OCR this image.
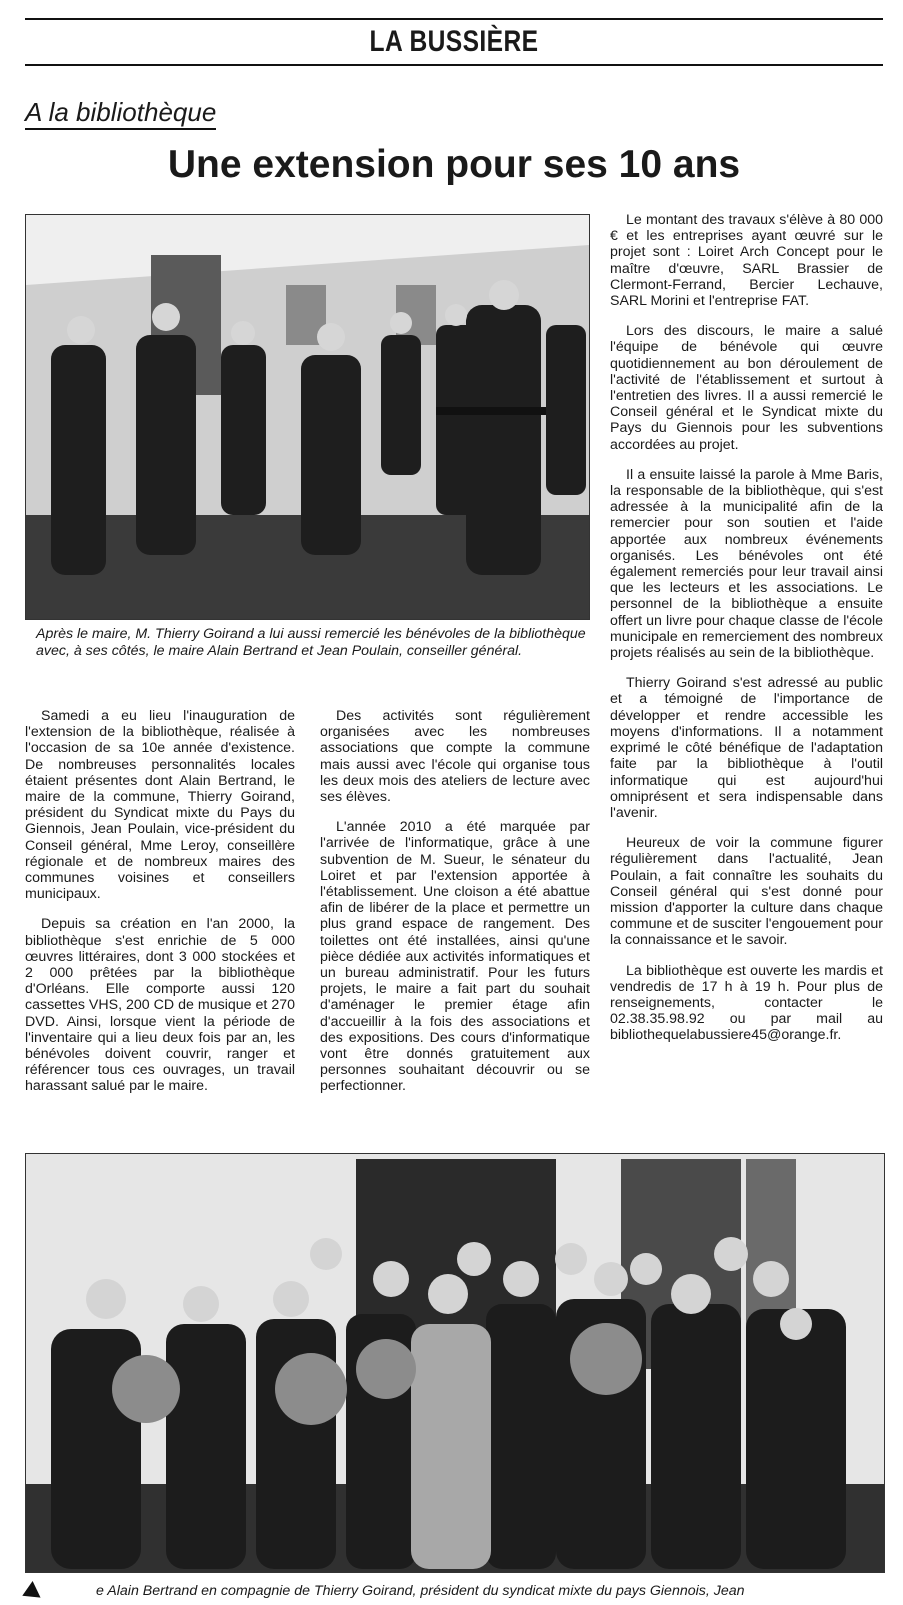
LA BUSSIÈRE
A la bibliothèque
Une extension pour ses 10 ans
Après le maire, M. Thierry Goirand a lui aussi remercié les bénévoles de la bibliothèque avec, à ses côtés, le maire Alain Bertrand et Jean Poulain, conseiller général.

Samedi a eu lieu l'inauguration de l'extension de la bibliothèque, réalisée à l'occasion de sa 10e année d'existence. De nombreuses personnalités locales étaient présentes dont Alain Bertrand, le maire de la commune, Thierry Goirand, président du Syndicat mixte du Pays du Giennois, Jean Poulain, vice-président du Conseil général, Mme Leroy, conseillère régionale et de nombreux maires des communes voisines et conseillers municipaux.

Depuis sa création en l'an 2000, la bibliothèque s'est enrichie de 5 000 œuvres littéraires, dont 3 000 stockées et 2 000 prêtées par la bibliothèque d'Orléans. Elle comporte aussi 120 cassettes VHS, 200 CD de musique et 270 DVD. Ainsi, lorsque vient la période de l'inventaire qui a lieu deux fois par an, les bénévoles doivent couvrir, ranger et référencer tous ces ouvrages, un travail harassant salué par le maire.

Des activités sont régulièrement organisées avec les nombreuses associations que compte la commune mais aussi avec l'école qui organise tous les deux mois des ateliers de lecture avec ses élèves.

L'année 2010 a été marquée par l'arrivée de l'informatique, grâce à une subvention de M. Sueur, le sénateur du Loiret et par l'extension apportée à l'établissement. Une cloison a été abattue afin de libérer de la place et permettre un plus grand espace de rangement. Des toilettes ont été installées, ainsi qu'une pièce dédiée aux activités informatiques et un bureau administratif. Pour les futurs projets, le maire a fait part du souhait d'aménager le premier étage afin d'accueillir à la fois des associations et des expositions. Des cours d'informatique vont être donnés gratuitement aux personnes souhaitant découvrir ou se perfectionner.

Le montant des travaux s'élève à 80 000 € et les entreprises ayant œuvré sur le projet sont : Loiret Arch Concept pour le maître d'œuvre, SARL Brassier de Clermont-Ferrand, Bercier Lechauve, SARL Morini et l'entreprise FAT.

Lors des discours, le maire a salué l'équipe de bénévole qui œuvre quotidiennement au bon déroulement de l'activité de l'établissement et surtout à l'entretien des livres. Il a aussi remercié le Conseil général et le Syndicat mixte du Pays du Giennois pour les subventions accordées au projet.

Il a ensuite laissé la parole à Mme Baris, la responsable de la bibliothèque, qui s'est adressée à la municipalité afin de la remercier pour son soutien et l'aide apportée aux nombreux événements organisés. Les bénévoles ont été également remerciés pour leur travail ainsi que les lecteurs et les associations. Le personnel de la bibliothèque a ensuite offert un livre pour chaque classe de l'école municipale en remerciement des nombreux projets réalisés au sein de la bibliothèque.

Thierry Goirand s'est adressé au public et a témoigné de l'importance de développer et rendre accessible les moyens d'informations. Il a notamment exprimé le côté bénéfique de l'adaptation faite par la bibliothèque à l'outil informatique qui est aujourd'hui omniprésent et sera indispensable dans l'avenir.

Heureux de voir la commune figurer régulièrement dans l'actualité, Jean Poulain, a fait connaître les souhaits du Conseil général qui s'est donné pour mission d'apporter la culture dans chaque commune et de susciter l'engouement pour la connaissance et le savoir.

La bibliothèque est ouverte les mardis et vendredis de 17 h à 19 h. Pour plus de renseignements, contacter le 02.38.35.98.92 ou par mail au bibliothequelabussiere45@orange.fr.

e Alain Bertrand en compagnie de Thierry Goirand, président du syndicat mixte du pays Giennois, Jean
